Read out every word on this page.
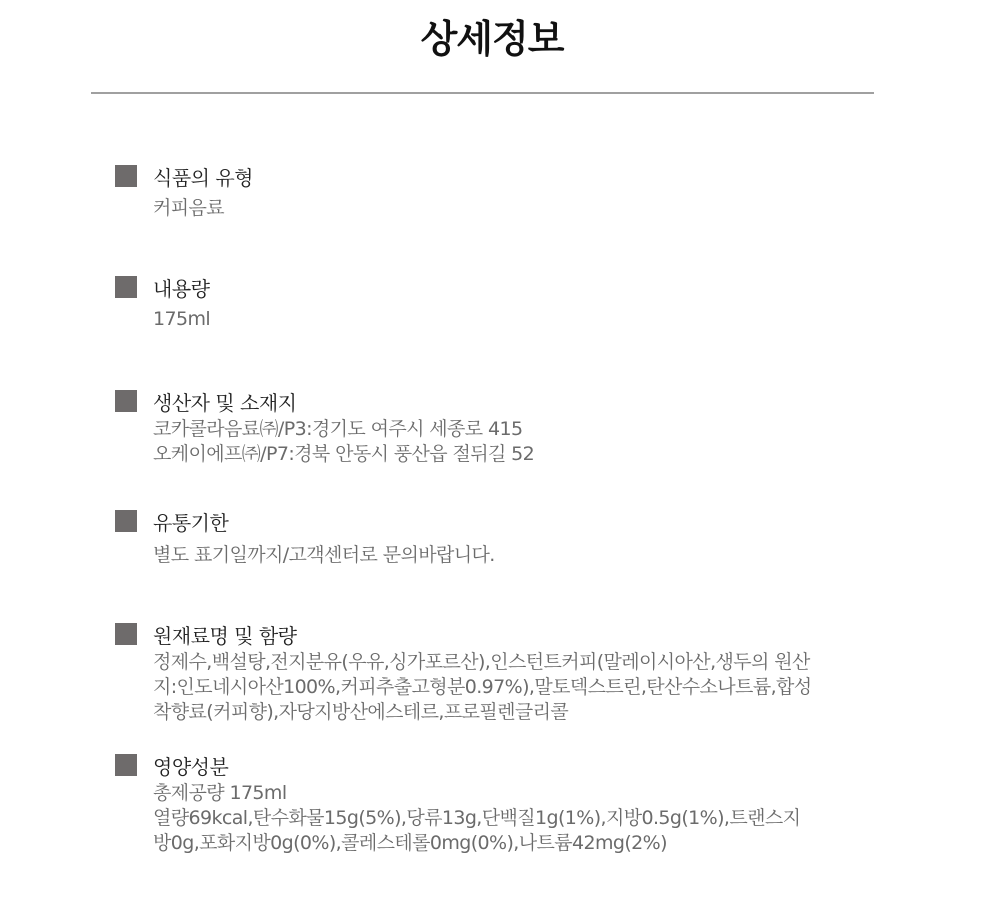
상세정보
식품의 유형
커피음료
내용량
175ml
생산자 및 소재지
코카콜라음료㈜/P3:경기도 여주시 세종로 415
오케이에프㈜/P7:경북 안동시 풍산읍 절뒤길 52
유통기한
별도 표기일까지/고객센터로 문의바랍니다.
원재료명 및 함량
정제수,백설탕,전지분유(우유,싱가포르산),인스턴트커피(말레이시아산,생두의 원산
지:인도네시아산100%,커피추출고형분0.97%),말토덱스트린,탄산수소나트륨,합성
착향료(커피향),자당지방산에스테르,프로필렌글리콜
영양성분
총제공량 175ml
열량69kcal,탄수화물15g(5%),당류13g,단백질1g(1%),지방0.5g(1%),트랜스지
방0g,포화지방0g(0%),콜레스테롤0mg(0%),나트륨42mg(2%)
